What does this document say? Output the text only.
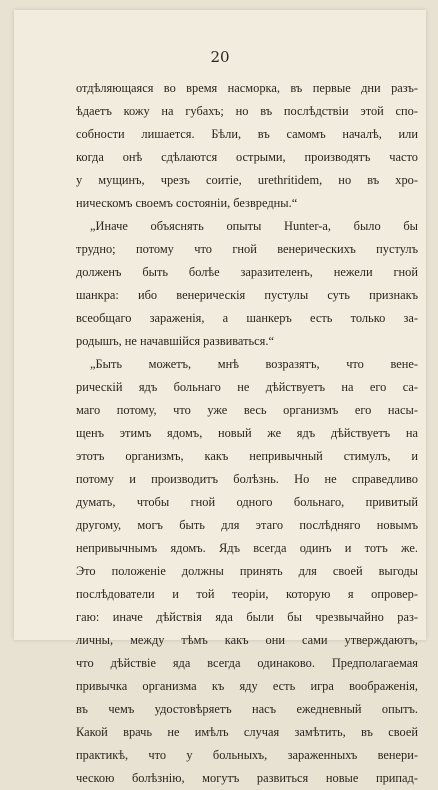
20
отдѣляющаяся во время насморка, въ первые дни разъ-
ѣдаетъ кожу на губахъ; но въ послѣдствіи этой спо-
собности лишается. Бѣли, въ самомъ началѣ, или
когда онѣ сдѣлаются острыми, производятъ часто
у мущинъ, чрезъ соитіе, urethritidem, но въ хро-
ническомъ своемъ состояніи, безвредны.“
„Иначе объяснять опыты Hunter-а, было бы
трудно; потому что гной венерическихъ пустулъ
долженъ быть болѣе заразителенъ, нежели гной
шанкра: ибо венерическія пустулы суть признакъ
всеобщаго зараженія, а шанкеръ есть только за-
родышъ, не начавшійся развиваться.“
„Быть можетъ, мнѣ возразятъ, что вене-
рическій ядъ больнаго не дѣйствуетъ на его са-
маго потому, что уже весь организмъ его насы-
щенъ этимъ ядомъ, новый же ядъ дѣйствуетъ на
этотъ организмъ, какъ непривычный стимулъ, и
потому и производитъ болѣзнь. Но не справедливо
думать, чтобы гной одного больнаго, привитый
другому, могъ быть для этаго послѣдняго новымъ
непривычнымъ ядомъ. Ядъ всегда одинъ и тотъ же.
Это положеніе должны принять для своей выгоды
послѣдователи и той теоріи, которую я опровер-
гаю: иначе дѣйствія яда были бы чрезвычайно раз-
личны, между тѣмъ какъ они сами утверждаютъ,
что дѣйствіе яда всегда одинаково. Предполагаемая
привычка организма къ яду есть игра воображенія,
въ чемъ удостовѣряетъ насъ ежедневный опытъ.
Какой врачь не имѣлъ случая замѣтить, въ своей
практикѣ, что у больныхъ, зараженныхъ венери-
ческою болѣзнію, могутъ развиться новые припад-
